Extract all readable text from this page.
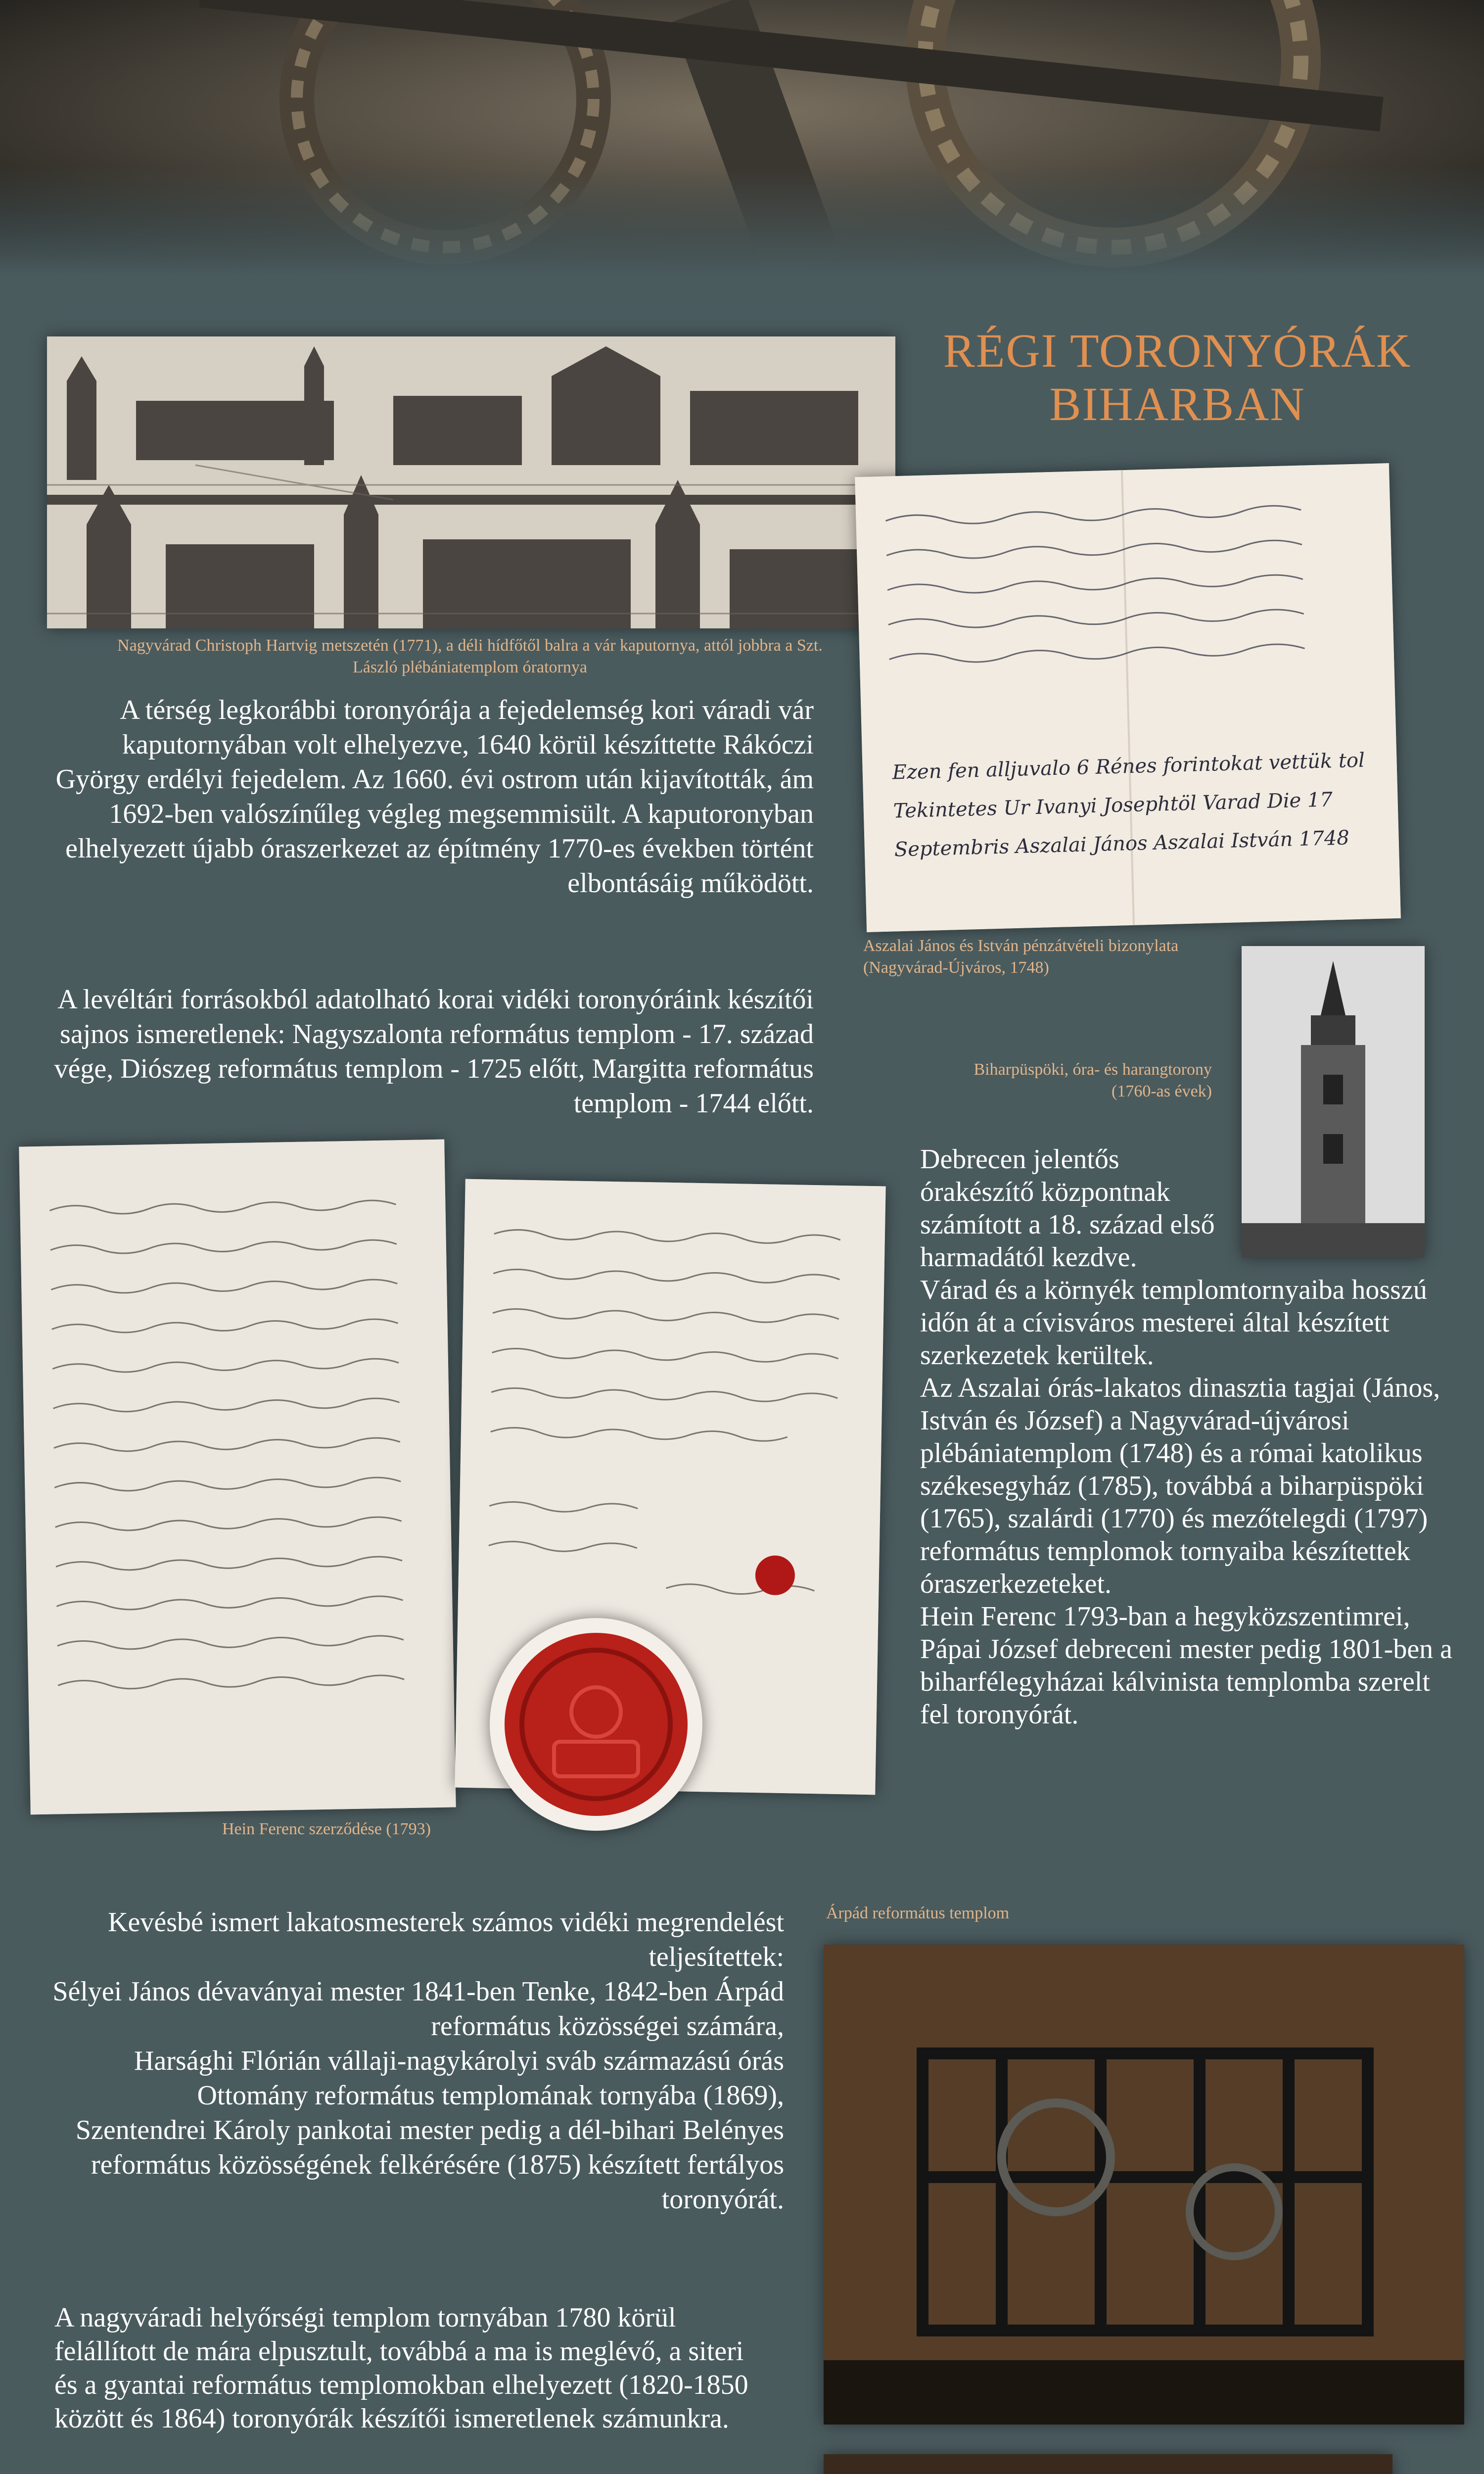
RÉGI TORONYÓRÁK
BIHARBAN
Nagyvárad Christoph Hartvig metszetén (1771), a déli hídfőtől balra a vár kaputornya, attól jobbra a Szt. László plébániatemplom óratornya
A térség legkorábbi toronyórája a fejedelemség kori váradi vár kaputornyában volt elhelyezve, 1640 körül készíttette Rákóczi György erdélyi fejedelem. Az 1660. évi ostrom után kijavították, ám 1692-ben valószínűleg végleg megsemmisült. A kaputoronyban elhelyezett újabb óraszerkezet az építmény 1770-es években történt elbontásáig működött.
A levéltári forrásokból adatolható korai vidéki toronyóráink készítői sajnos ismeretlenek: Nagyszalonta református templom - 17. század vége, Diószeg református templom - 1725 előtt, Margitta református templom - 1744 előtt.
Ezen fen alljuvalo 6 Rénes forintokat vettük tol Tekintetes Ur Ivanyi Josephtöl Varad Die 17 Septembris Aszalai János Aszalai István 1748
Aszalai János és István pénzátvételi bizonylata (Nagyvárad-Újváros, 1748)
Biharpüspöki, óra- és harangtorony (1760-as évek)
Hein Ferenc szerződése (1793)

Debrecen jelentős órakészítő központnak számított a 18. század első harmadától kezdve.

Várad és a környék templomtornyaiba hosszú időn át a cívisváros mesterei által készített szerkezetek kerültek.

Az Aszalai órás-lakatos dinasztia tagjai (János, István és József) a Nagyvárad-újvárosi plébániatemplom (1748) és a római katolikus székesegyház (1785), továbbá a biharpüspöki (1765), szalárdi (1770) és mezőtelegdi (1797) református templomok tornyaiba készítettek óraszerkezeteket.

Hein Ferenc 1793-ban a hegyközszentimrei, Pápai József debreceni mester pedig 1801-ben a biharfélegyházai kálvinista templomba szerelt fel toronyórát.

Kevésbé ismert lakatosmesterek számos vidéki megrendelést teljesítettek:

Sélyei János dévaványai mester 1841-ben Tenke, 1842-ben Árpád református közösségei számára,

Harsághi Flórián vállaji-nagykárolyi sváb származású órás Ottomány református templomának tornyába (1869),

Szentendrei Károly pankotai mester pedig a dél-bihari Belényes református közösségének felkérésére (1875) készített fertályos toronyórát.

A nagyváradi helyőrségi templom tornyában 1780 körül felállított de mára elpusztult, továbbá a ma is meglévő, a siteri és a gyantai református templomokban elhelyezett (1820-1850 között és 1864) toronyórák készítői ismeretlenek számunkra.
Árpád református templom
